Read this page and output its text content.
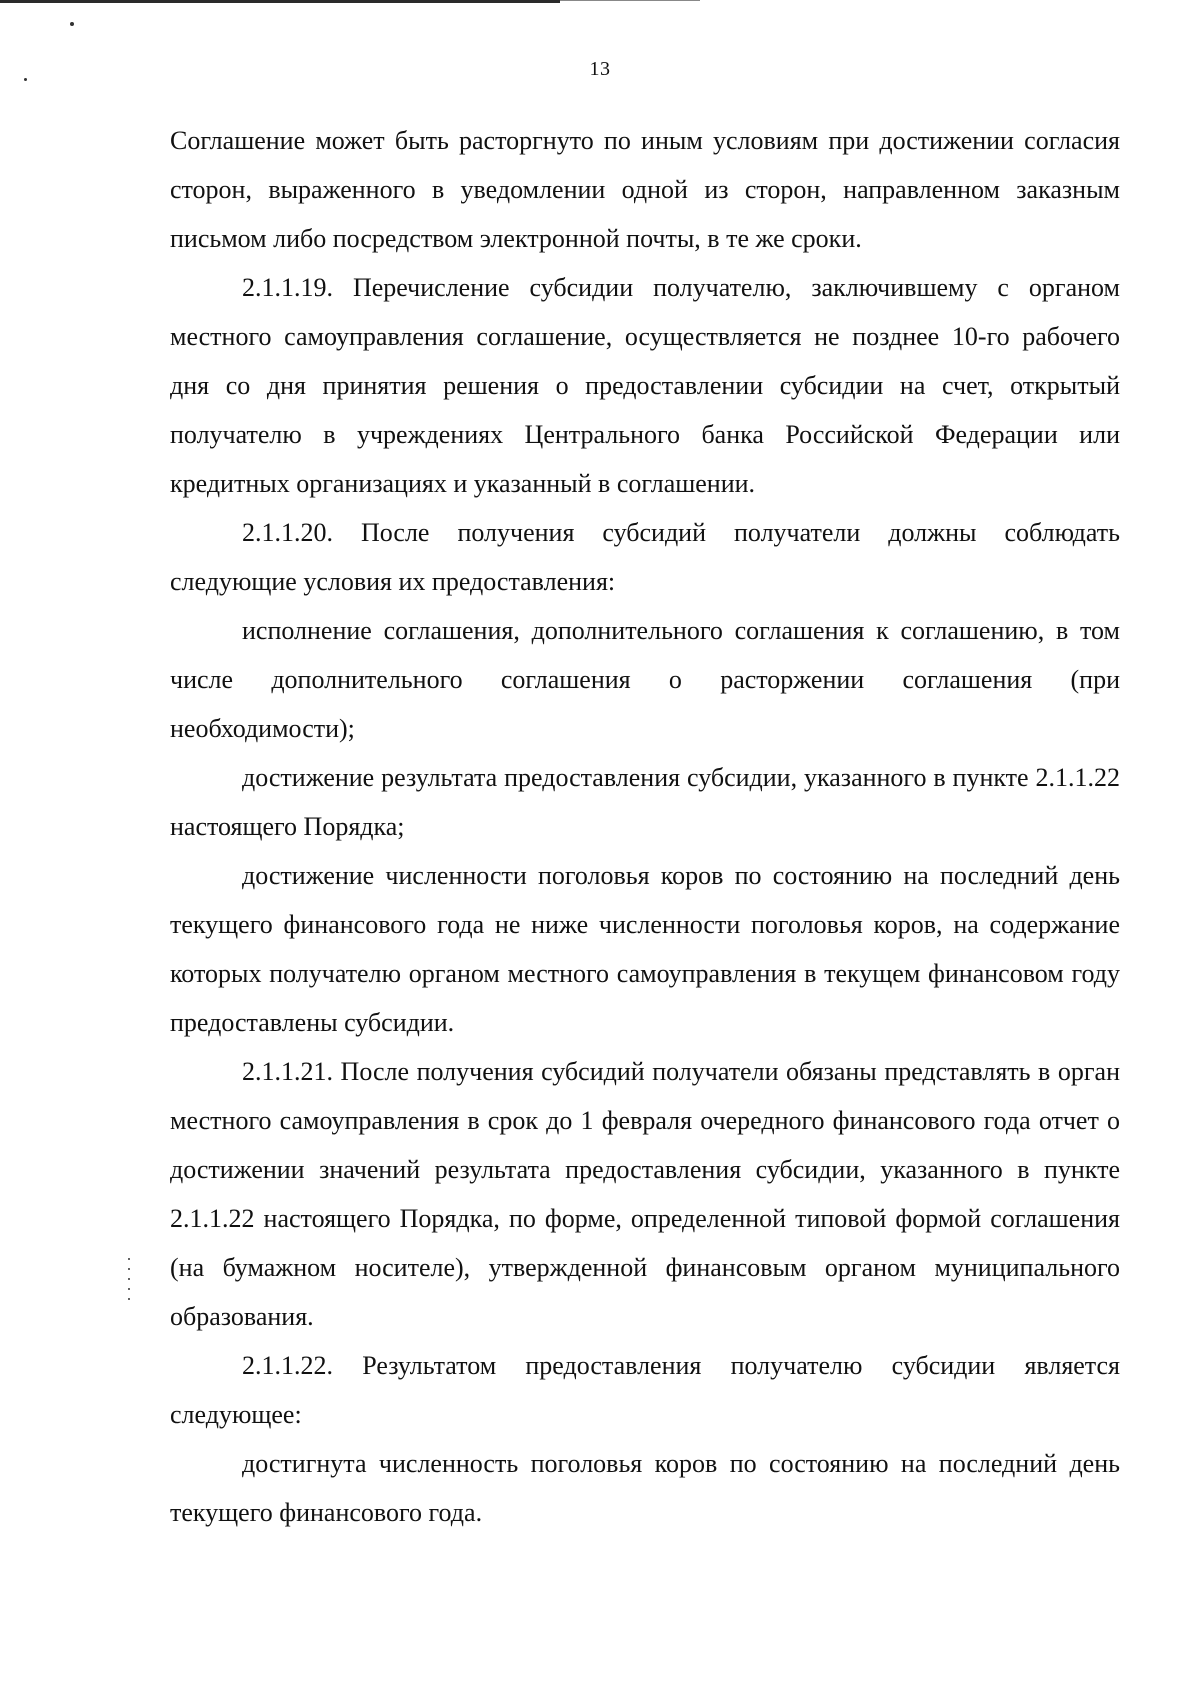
13

Соглашение может быть расторгнуто по иным условиям при достижении согласия сторон, выраженного в уведомлении одной из сторон, направленном заказным письмом либо посредством электронной почты, в те же сроки.

2.1.1.19. Перечисление субсидии получателю, заключившему с органом местного самоуправления соглашение, осуществляется не позднее 10-го рабочего дня со дня принятия решения о предоставлении субсидии на счет, открытый получателю в учреждениях Центрального банка Российской Федерации или кредитных организациях и указанный в соглашении.

2.1.1.20. После получения субсидий получатели должны соблюдать следующие условия их предоставления:

исполнение соглашения, дополнительного соглашения к соглашению, в том числе дополнительного соглашения о расторжении соглашения (при необходимости);

достижение результата предоставления субсидии, указанного в пункте 2.1.1.22 настоящего Порядка;

достижение численности поголовья коров по состоянию на последний день текущего финансового года не ниже численности поголовья коров, на содержание которых получателю органом местного самоуправления в текущем финансовом году предоставлены субсидии.

2.1.1.21. После получения субсидий получатели обязаны представлять в орган местного самоуправления в срок до 1 февраля очередного финансового года отчет о достижении значений результата предоставления субсидии, указанного в пункте 2.1.1.22 настоящего Порядка, по форме, определенной типовой формой соглашения (на бумажном носителе), утвержденной финансовым органом муниципального образования.

2.1.1.22. Результатом предоставления получателю субсидии является следующее:

достигнута численность поголовья коров по состоянию на последний день текущего финансового года.
